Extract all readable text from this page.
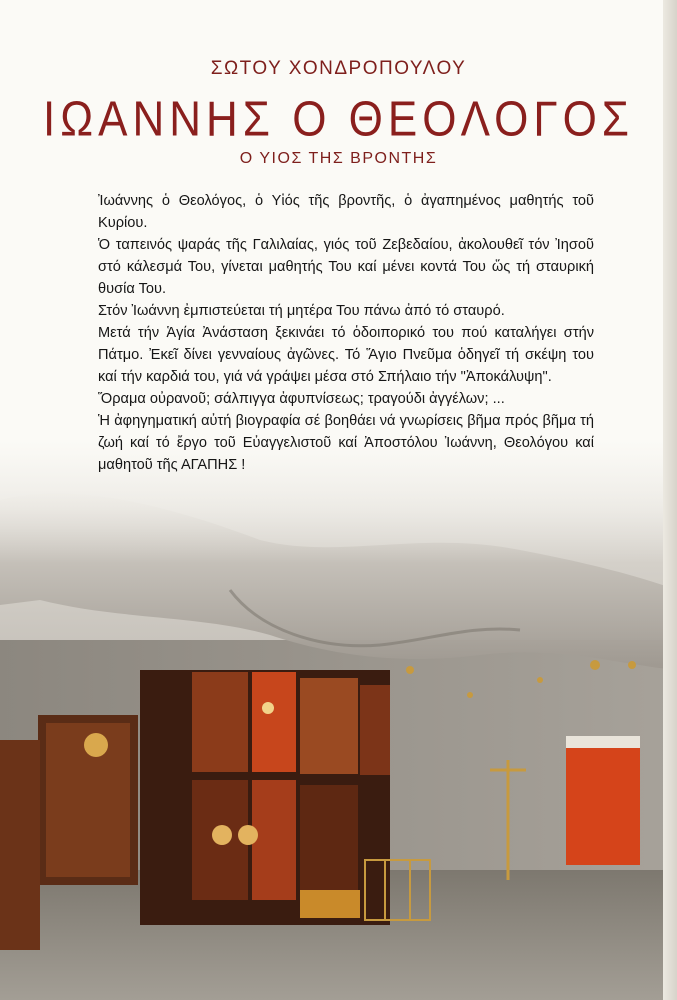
ΣΩΤΟΥ ΧΟΝΔΡΟΠΟΥΛΟΥ
ΙΩΑΝΝΗΣ Ο ΘΕΟΛΟΓΟΣ
Ο ΥΙΟΣ ΤΗΣ ΒΡΟΝΤΗΣ

Ἰωάννης ὁ Θεολόγος, ὁ Υἱός τῆς βροντῆς, ὁ ἀγαπημένος μαθητής τοῦ Κυρίου.

Ὁ ταπεινός ψαράς τῆς Γαλιλαίας, γιός τοῦ Ζεβεδαίου, ἀκολουθεῖ τόν Ἰησοῦ στό κάλεσμά Του, γίνεται μαθητής Του καί μένει κοντά Του ὥς τή σταυρική θυσία Του.

Στόν Ἰωάννη ἐμπιστεύεται τή μητέρα Του πάνω ἀπό τό σταυρό.

Μετά τήν Ἁγία Ἀνάσταση ξεκινάει τό ὁδοιπορικό του πού καταλήγει στήν Πάτμο. Ἐκεῖ δίνει γενναίους ἀγῶνες. Τό Ἅγιο Πνεῦμα ὁδηγεῖ τή σκέψη του καί τήν καρδιά του, γιά νά γράψει μέσα στό Σπήλαιο τήν "Ἀποκάλυψη".

Ὅραμα οὐρανοῦ; σάλπιγγα ἀφυπνίσεως; τραγούδι ἀγγέλων; ...

Ἡ ἀφηγηματική αὐτή βιογραφία σέ βοηθάει νά γνωρίσεις βῆμα πρός βῆμα τή ζωή καί τό ἔργο τοῦ Εὐαγγελιστοῦ καί Ἀποστόλου Ἰωάννη, Θεολόγου καί μαθητοῦ τῆς ΑΓΑΠΗΣ !
